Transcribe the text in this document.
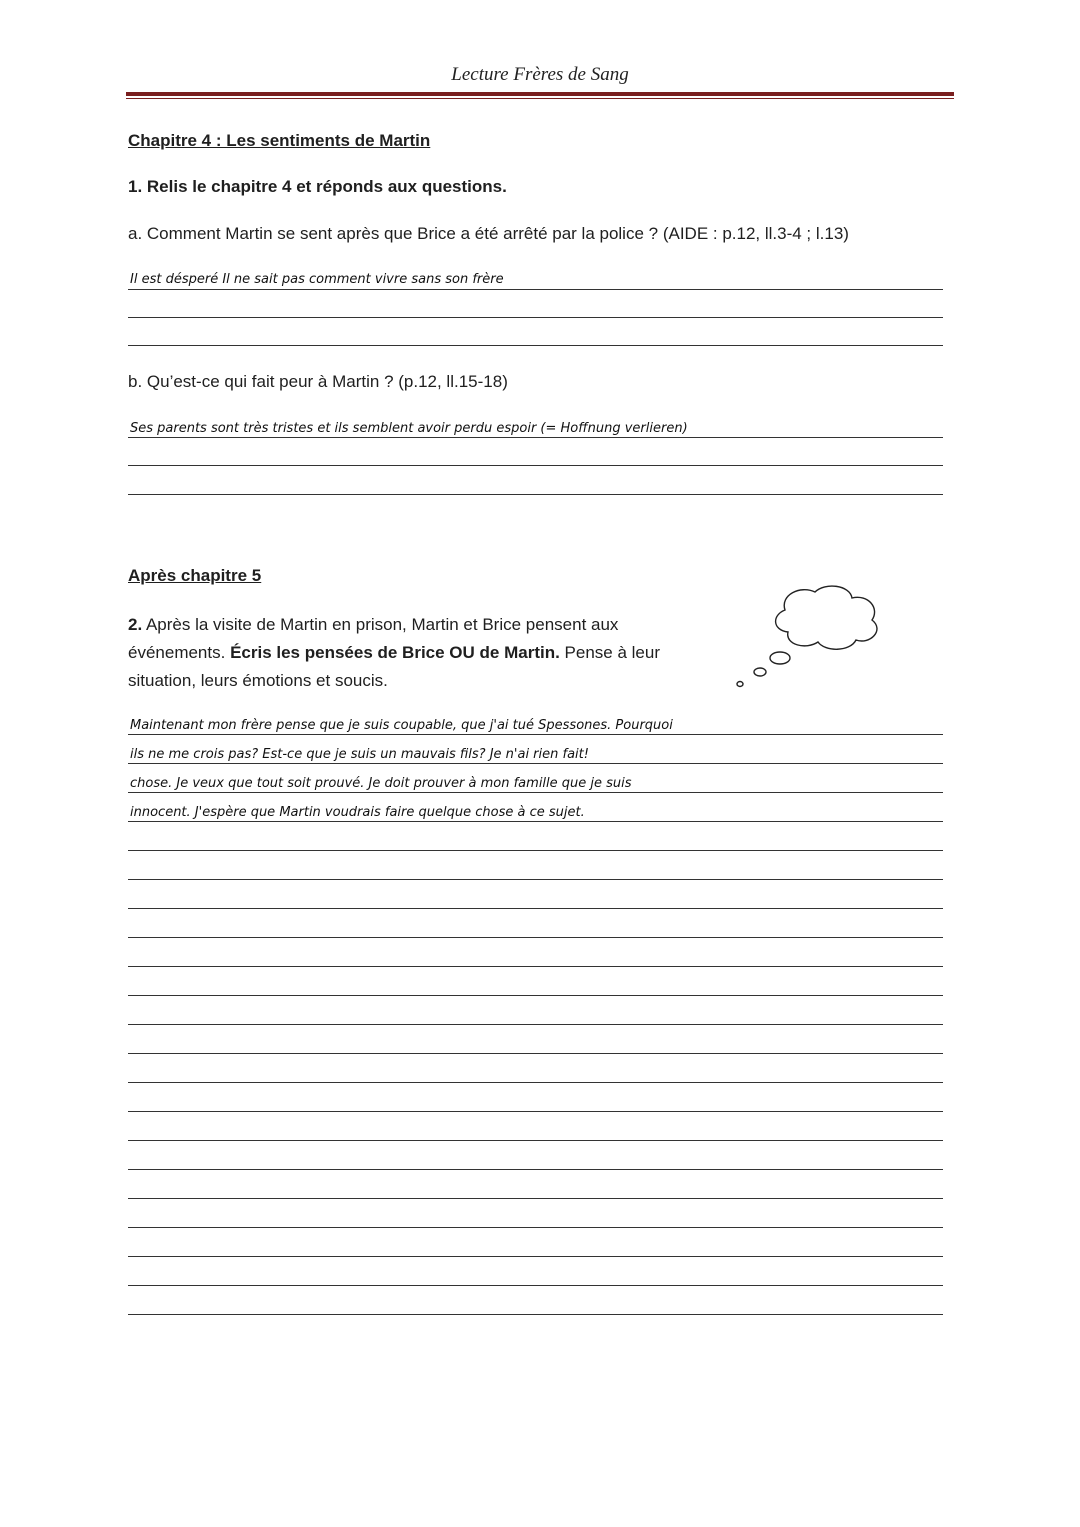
Lecture Frères de Sang
Chapitre 4 : Les sentiments de Martin
1. Relis le chapitre 4 et réponds aux questions.
a. Comment Martin se sent après que Brice a été arrêté par la police ? (AIDE : p.12, ll.3-4 ; l.13)
Il est désperé Il ne sait pas comment vivre sans son frère
b. Qu’est-ce qui fait peur à Martin ? (p.12, ll.15-18)
Ses parents sont très tristes et ils semblent avoir perdu espoir (= Hoffnung verlieren)
Après chapitre 5
2. Après la visite de Martin en prison, Martin et Brice pensent aux événements. Écris les pensées de Brice OU de Martin. Pense à leur situation, leurs émotions et soucis.
Maintenant mon frère pense que je suis coupable, que j'ai tué Spessones. Pourquoi
ils ne me crois pas? Est-ce que je suis un mauvais fils? Je n'ai rien fait!
chose. Je veux que tout soit prouvé. Je doit prouver à mon famille que je suis
innocent. J'espère que Martin voudrais faire quelque chose à ce sujet.
